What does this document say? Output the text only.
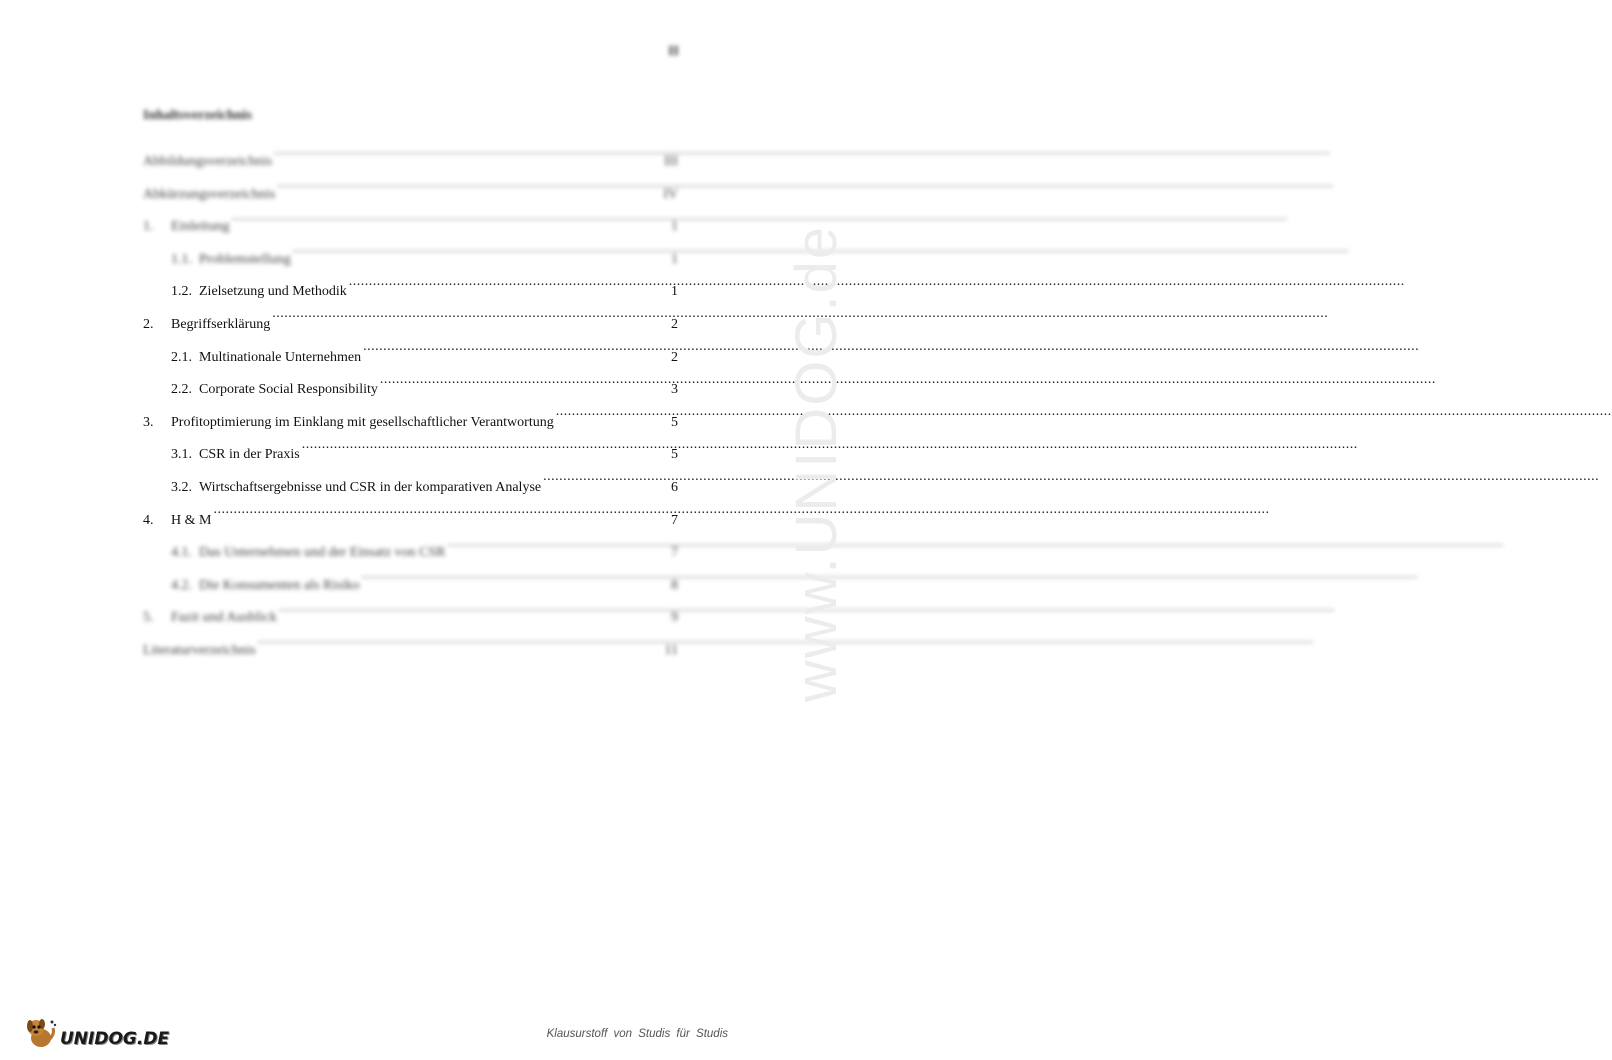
II
Inhaltsverzeichnis
Abbildungsverzeichnis .....	III
Abkürzungsverzeichnis .....	IV
1.	Einleitung .....	1
1.1. Problemstellung .....	1
1.2. Zielsetzung und Methodik .....	1
2.	Begriffserklärung .....	2
2.1. Multinationale Unternehmen .....	2
2.2. Corporate Social Responsibility .....	3
3.	Profitoptimierung im Einklang mit gesellschaftlicher Verantwortung .....	5
3.1. CSR in der Praxis .....	5
3.2. Wirtschaftsergebnisse und CSR in der komparativen Analyse .....	6
4.	H & M .....	7
4.1. Das Unternehmen und der Einsatz von CSR .....	7
4.2. Die Konsumenten als Risiko .....	8
5.	Fazit und Ausblick .....	9
Literaturverzeichnis .....	11 www.UNIDOG.de
UNIDOG.DE	Klausurstoff von Studis für Studis
